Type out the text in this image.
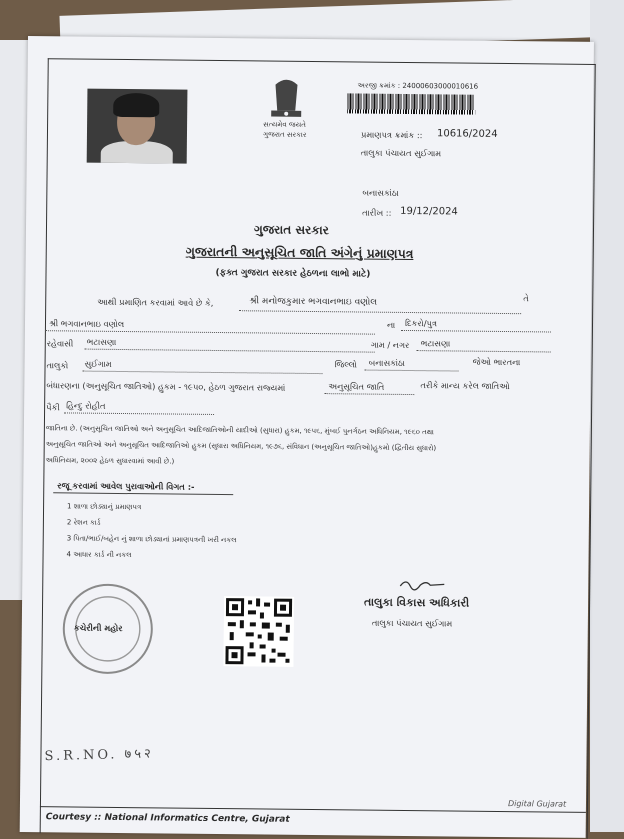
સત્યમેવ જયતે
ગુજરાત સરકાર
અરજી ક્રમાંક : 24000603000010616
પ્રમાણપત્ર ક્રમાંક :: 10616/2024
તાલુકા પંચાયત સુઈગામ
બનાસકાંઠા
તારીખ :: 19/12/2024
ગુજરાત સરકાર
ગુજરાતની અનુસૂચિત જાતિ અંગેનું પ્રમાણપત્ર
(ફક્ત ગુજરાત સરકાર હેઠળના લાભો માટે)
આથી પ્રમાણિત કરવામાં આવે છે કે,	શ્રી મનોજકુમાર ભગવાનભાઇ વણોલ	તે
શ્રી ભગવાનભાઇ વણોલ	ના દિકરો/પુત્ર
રહેવાસી ભટાસણા	ગામ / નગર ભટાસણા
તાલુકો સુઈગામ	જિલ્લો બનાસકાંઠા	જેઓ ભારતના
બંધારણના (અનુસૂચિત જાતિઓ) હુકમ - ૧૯૫૦, હેઠળ ગુજરાત રાજ્યમાં	અનુસૂચિત જાતિ	તરીકે માન્ય કરેલ જાતિઓ
પૈકી હિન્દુ રોહીત
જાતિના છે. (અનુસૂચિત જાતિઓ અને અનુસૂચિત આદિજાતિઓની યાદીઓ (સુધારા) હુકમ, ૧૯૫૬, મુંબઈ પુનર્ગઠન અધિનિયમ, ૧૯૬૦ તથા
અનુસૂચિત જાતિઓ અને અનુસૂચિત આદિજાતિઓ હુકમ (સુધારા અધિનિયમ, ૧૯૭૬, સંવિધાન (અનુસૂચિત જાતિઓ)હુકમો (દ્વિતીય સુધારો)
અધિનિયમ, ૨૦૦૨ હેઠળ સુધારવામાં આવી છે.)
રજૂ કરવામાં આવેલ પુરાવાઓની વિગત :-
1 શાળા છોડ્યાનું પ્રમાણપત્ર
2 રેશન કાર્ડ
3 પિતા/ભાઈ/બહેન નું શાળા છોડ્યાનાં પ્રમાણપત્રની ખરી નકલ
4 આધાર કાર્ડ ની નકલ
કચેરીની મહોર
તાલુકા વિકાસ અધિકારી
તાલુકા પંચાયત સુઈગામ
S.R.NO. ७५२
Digital Gujarat
Courtesy :: National Informatics Centre, Gujarat
